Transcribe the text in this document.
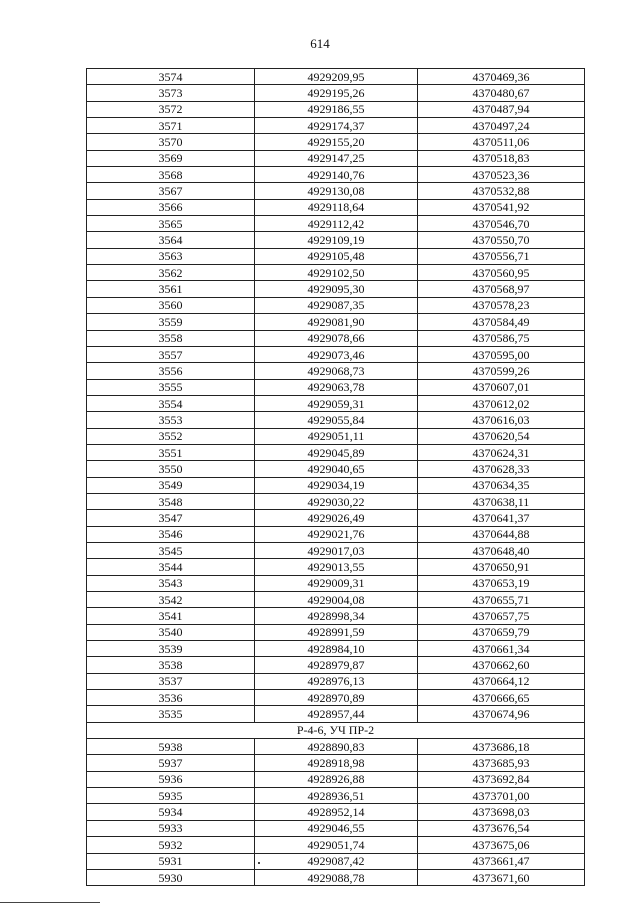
614
3574	4929209,95	4370469,36
3573	4929195,26	4370480,67
3572	4929186,55	4370487,94
3571	4929174,37	4370497,24
3570	4929155,20	4370511,06
3569	4929147,25	4370518,83
3568	4929140,76	4370523,36
3567	4929130,08	4370532,88
3566	4929118,64	4370541,92
3565	4929112,42	4370546,70
3564	4929109,19	4370550,70
3563	4929105,48	4370556,71
3562	4929102,50	4370560,95
3561	4929095,30	4370568,97
3560	4929087,35	4370578,23
3559	4929081,90	4370584,49
3558	4929078,66	4370586,75
3557	4929073,46	4370595,00
3556	4929068,73	4370599,26
3555	4929063,78	4370607,01
3554	4929059,31	4370612,02
3553	4929055,84	4370616,03
3552	4929051,11	4370620,54
3551	4929045,89	4370624,31
3550	4929040,65	4370628,33
3549	4929034,19	4370634,35
3548	4929030,22	4370638,11
3547	4929026,49	4370641,37
3546	4929021,76	4370644,88
3545	4929017,03	4370648,40
3544	4929013,55	4370650,91
3543	4929009,31	4370653,19
3542	4929004,08	4370655,71
3541	4928998,34	4370657,75
3540	4928991,59	4370659,79
3539	4928984,10	4370661,34
3538	4928979,87	4370662,60
3537	4928976,13	4370664,12
3536	4928970,89	4370666,65
3535	4928957,44	4370674,96
Р-4-6, УЧ ПР-2		
5938	4928890,83	4373686,18
5937	4928918,98	4373685,93
5936	4928926,88	4373692,84
5935	4928936,51	4373701,00
5934	4928952,14	4373698,03
5933	4929046,55	4373676,54
5932	4929051,74	4373675,06
5931	4929087,42	4373661,47
5930	4929088,78	4373671,60
